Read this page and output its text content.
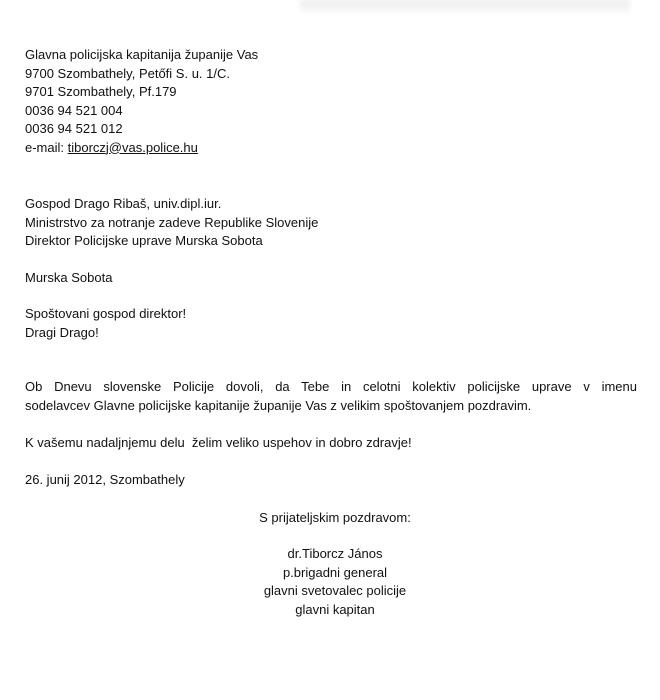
Glavna policijska kapitanija županije Vas
9700 Szombathely, Petőfi S. u. 1/C.
9701 Szombathely, Pf.179
0036 94 521 004
0036 94 521 012
e-mail: tiborczj@vas.police.hu
Gospod Drago Ribaš, univ.dipl.iur.
Ministrstvo za notranje zadeve Republike Slovenije
Direktor Policijske uprave Murska Sobota
Murska Sobota
Spoštovani gospod direktor!
Dragi Drago!
Ob Dnevu slovenske Policije dovoli, da Tebe in celotni kolektiv policijske uprave v imenu
sodelavcev Glavne policijske kapitanije županije Vas z velikim spoštovanjem pozdravim.
K vašemu nadaljnjemu delu  želim veliko uspehov in dobro zdravje!
26. junij 2012, Szombathely
S prijateljskim pozdravom:
dr.Tiborcz János
p.brigadni general
glavni svetovalec policije
glavni kapitan
